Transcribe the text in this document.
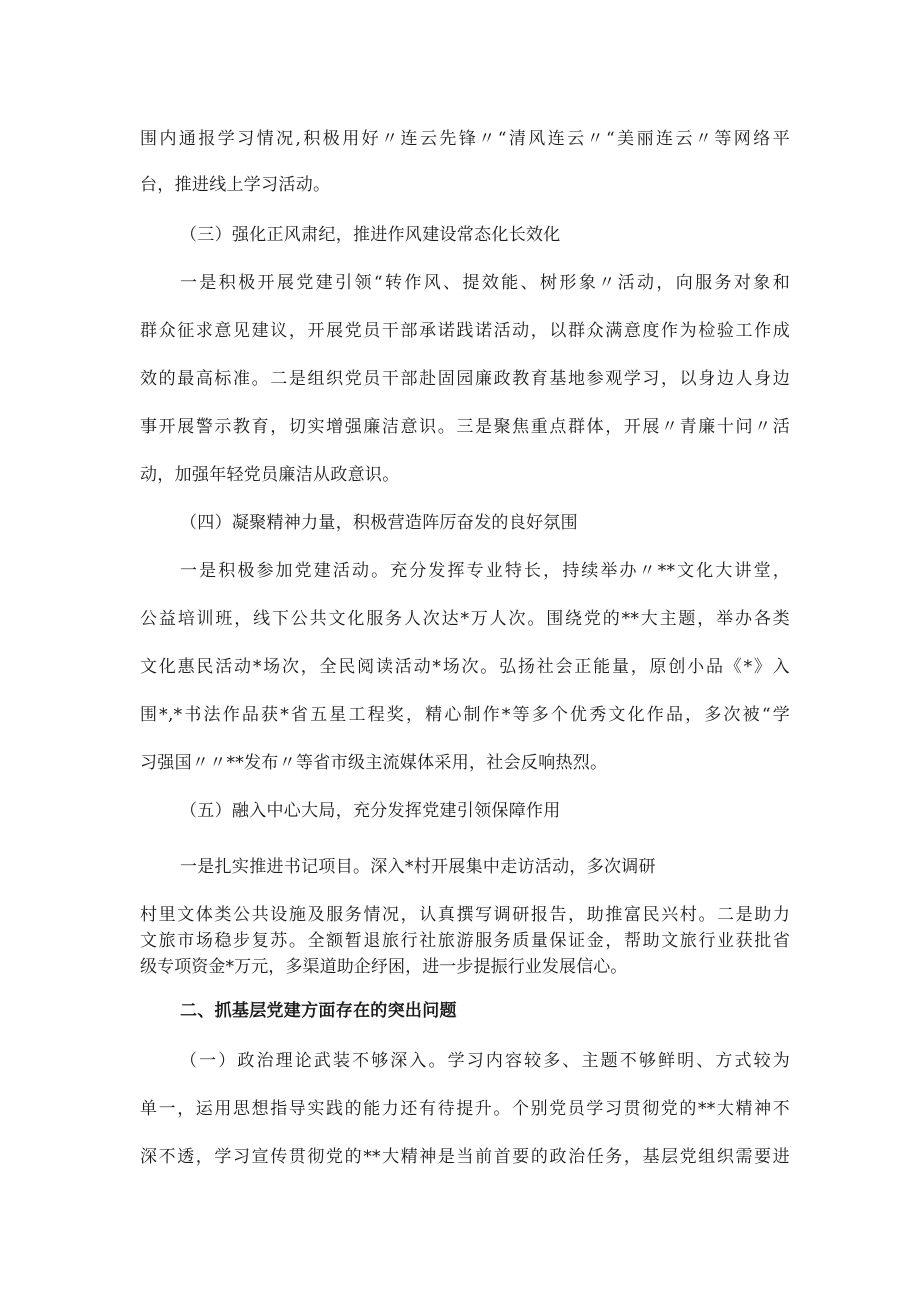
围内通报学习情况,积极用好〃连云先锋〃“清风连云〃“美丽连云〃等网络平
台，推进线上学习活动。
（三）强化正风肃纪，推进作风建设常态化长效化
一是积极开展党建引领“转作风、提效能、树形象〃活动，向服务对象和
群众征求意见建议，开展党员干部承诺践诺活动，以群众满意度作为检验工作成
效的最高标准。二是组织党员干部赴固园廉政教育基地参观学习，以身边人身边
事开展警示教育，切实增强廉洁意识。三是聚焦重点群体，开展〃青廉十问〃活
动，加强年轻党员廉洁从政意识。
（四）凝聚精神力量，积极营造阵厉奋发的良好氛围
一是积极参加党建活动。充分发挥专业特长，持续举办〃**文化大讲堂，
公益培训班，线下公共文化服务人次达*万人次。围绕党的**大主题，举办各类
文化惠民活动*场次，全民阅读活动*场次。弘扬社会正能量，原创小品《*》入
围*,*书法作品获*省五星工程奖，精心制作*等多个优秀文化作品，多次被“学
习强国〃〃**发布〃等省市级主流媒体采用，社会反响热烈。
（五）融入中心大局，充分发挥党建引领保障作用
一是扎实推进书记项目。深入*村开展集中走访活动，多次调研
村里文体类公共设施及服务情况，认真撰写调研报告，助推富民兴村。二是助力
文旅市场稳步复苏。全额暂退旅行社旅游服务质量保证金，帮助文旅行业获批省
级专项资金*万元，多渠道助企纾困，进一步提振行业发展信心。
二、抓基层党建方面存在的突出问题
（一）政治理论武装不够深入。学习内容较多、主题不够鲜明、方式较为
单一，运用思想指导实践的能力还有待提升。个别党员学习贯彻党的**大精神不
深不透，学习宣传贯彻党的**大精神是当前首要的政治任务，基层党组织需要进
